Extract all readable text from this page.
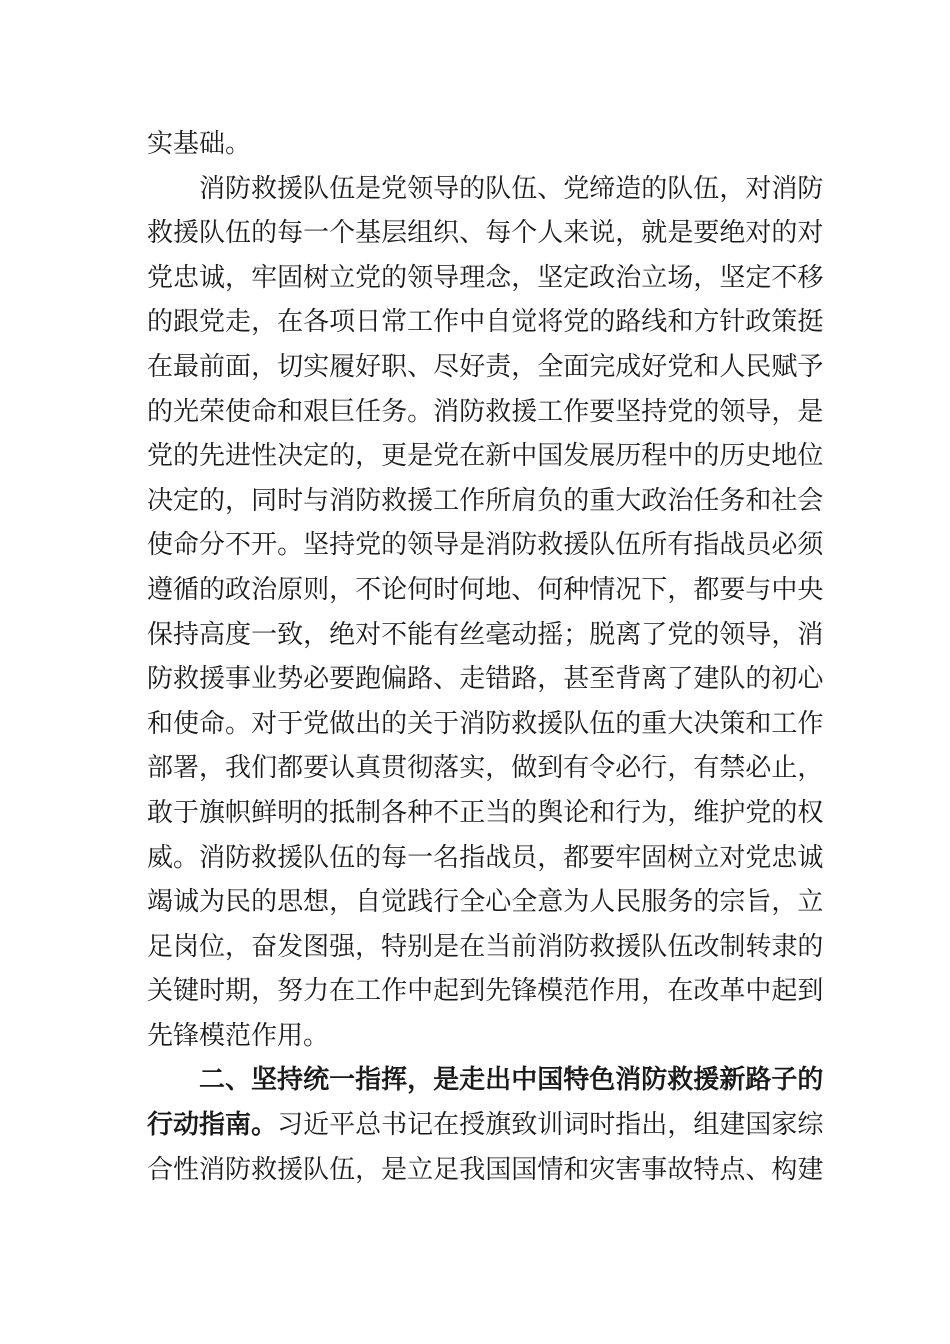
实基础。
消 防 救 援 队 伍 是 党 领 导 的 队 伍 、 党 缔 造 的 队 伍 ， 对 消 防
救 援 队 伍 的 每 一 个 基 层 组 织 、 每 个 人 来 说 ， 就 是 要 绝 对 的 对
党 忠 诚 ， 牢 固 树 立 党 的 领 导 理 念 ， 坚 定 政 治 立 场 ， 坚 定 不 移
的 跟 党 走 ， 在 各 项 日 常 工 作 中 自 觉 将 党 的 路 线 和 方 针 政 策 挺
在 最 前 面 ， 切 实 履 好 职 、 尽 好 责 ， 全 面 完 成 好 党 和 人 民 赋 予
的 光 荣 使 命 和 艰 巨 任 务 。 消 防 救 援 工 作 要 坚 持 党 的 领 导 ， 是
党 的 先 进 性 决 定 的 ， 更 是 党 在 新 中 国 发 展 历 程 中 的 历 史 地 位
决 定 的 ， 同 时 与 消 防 救 援 工 作 所 肩 负 的 重 大 政 治 任 务 和 社 会
使 命 分 不 开 。 坚 持 党 的 领 导 是 消 防 救 援 队 伍 所 有 指 战 员 必 须
遵 循 的 政 治 原 则 ， 不 论 何 时 何 地 、 何 种 情 况 下 ， 都 要 与 中 央
保 持 高 度 一 致 ， 绝 对 不 能 有 丝 毫 动 摇 ； 脱 离 了 党 的 领 导 ， 消
防 救 援 事 业 势 必 要 跑 偏 路 、 走 错 路 ， 甚 至 背 离 了 建 队 的 初 心
和 使 命 。 对 于 党 做 出 的 关 于 消 防 救 援 队 伍 的 重 大 决 策 和 工 作
部 署 ， 我 们 都 要 认 真 贯 彻 落 实 ， 做 到 有 令 必 行 ， 有 禁 必 止 ，
敢 于 旗 帜 鲜 明 的 抵 制 各 种 不 正 当 的 舆 论 和 行 为 ， 维 护 党 的 权
威 。 消 防 救 援 队 伍 的 每 一 名 指 战 员 ， 都 要 牢 固 树 立 对 党 忠 诚
竭 诚 为 民 的 思 想 ， 自 觉 践 行 全 心 全 意 为 人 民 服 务 的 宗 旨 ， 立
足 岗 位 ， 奋 发 图 强 ， 特 别 是 在 当 前 消 防 救 援 队 伍 改 制 转 隶 的
关 键 时 期 ， 努 力 在 工 作 中 起 到 先 锋 模 范 作 用 ， 在 改 革 中 起 到
先锋模范作用。
二 、 坚 持 统 一 指 挥 ， 是 走 出 中 国 特 色 消 防 救 援 新 路 子 的
行 动 指 南 。 习 近 平 总 书 记 在 授 旗 致 训 词 时 指 出 ， 组 建 国 家 综
合 性 消 防 救 援 队 伍 ， 是 立 足 我 国 国 情 和 灾 害 事 故 特 点 、 构 建
